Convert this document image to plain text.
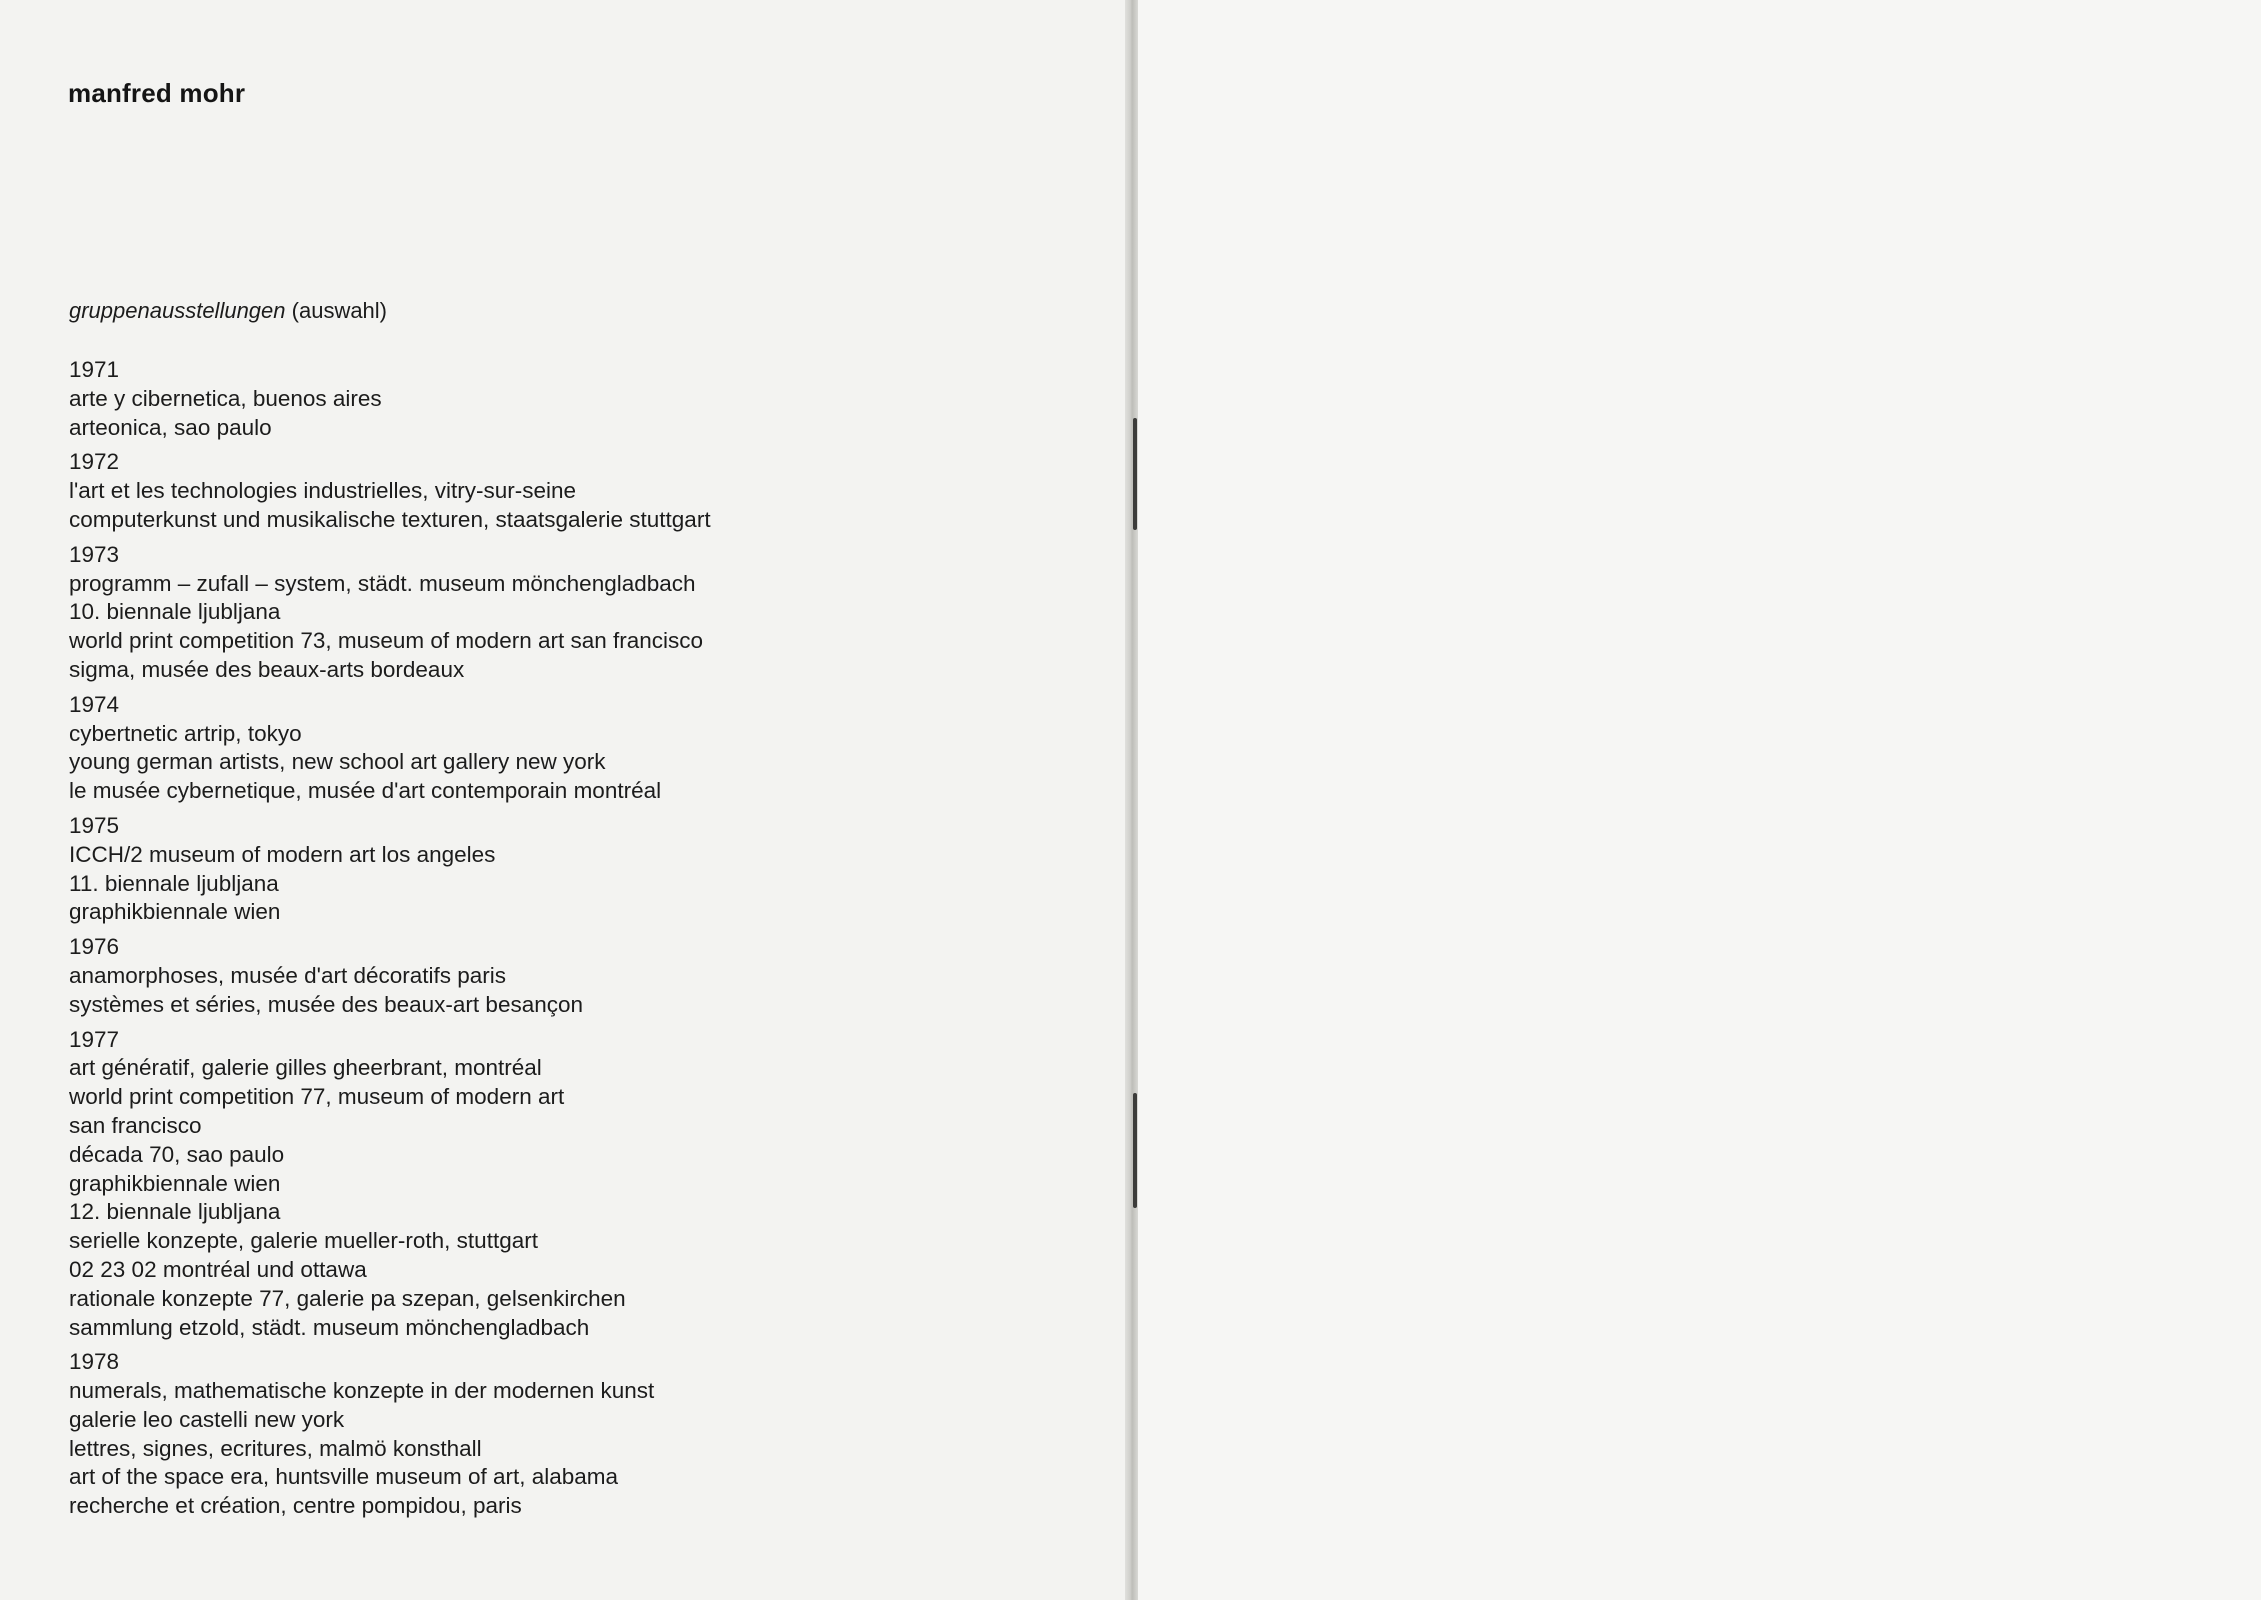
manfred mohr
gruppenausstellungen (auswahl)
1971
arte y cibernetica, buenos aires
arteonica, sao paulo
1972
l'art et les technologies industrielles, vitry-sur-seine
computerkunst und musikalische texturen, staatsgalerie stuttgart
1973
programm – zufall – system, städt. museum mönchengladbach
10. biennale ljubljana
world print competition 73, museum of modern art san francisco
sigma, musée des beaux-arts bordeaux
1974
cybertnetic artrip, tokyo
young german artists, new school art gallery new york
le musée cybernetique, musée d'art contemporain montréal
1975
ICCH/2 museum of modern art los angeles
11. biennale ljubljana
graphikbiennale wien
1976
anamorphoses, musée d'art décoratifs paris
systèmes et séries, musée des beaux-art besançon
1977
art génératif, galerie gilles gheerbrant, montréal
world print competition 77, museum of modern art
san francisco
década 70, sao paulo
graphikbiennale wien
12. biennale ljubljana
serielle konzepte, galerie mueller-roth, stuttgart
02 23 02 montréal und ottawa
rationale konzepte 77, galerie pa szepan, gelsenkirchen
sammlung etzold, städt. museum mönchengladbach
1978
numerals, mathematische konzepte in der modernen kunst
galerie leo castelli new york
lettres, signes, ecritures, malmö konsthall
art of the space era, huntsville museum of art, alabama
recherche et création, centre pompidou, paris
